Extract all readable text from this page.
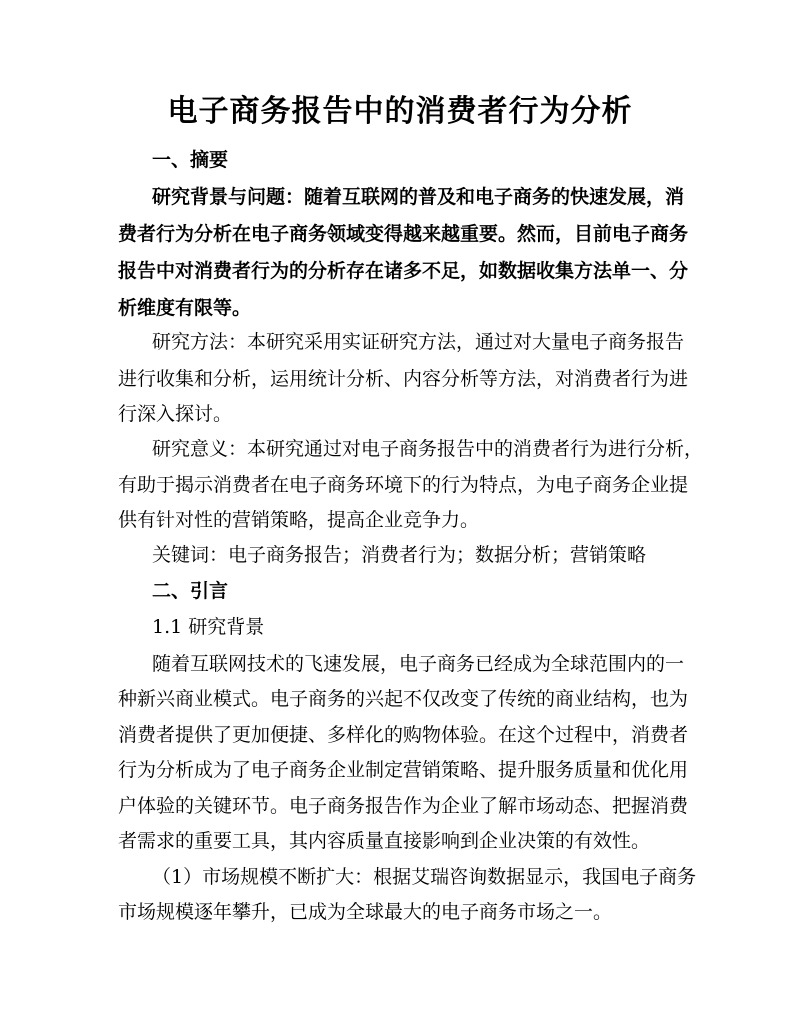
电子商务报告中的消费者行为分析
一、摘要
研究背景与问题：随着互联网的普及和电子商务的快速发展，消
费者行为分析在电子商务领域变得越来越重要。然而，目前电子商务
报告中对消费者行为的分析存在诸多不足，如数据收集方法单一、分
析维度有限等。
研究方法：本研究采用实证研究方法，通过对大量电子商务报告
进行收集和分析，运用统计分析、内容分析等方法，对消费者行为进
行深入探讨。
研究意义：本研究通过对电子商务报告中的消费者行为进行分析，
有助于揭示消费者在电子商务环境下的行为特点，为电子商务企业提
供有针对性的营销策略，提高企业竞争力。
关键词：电子商务报告；消费者行为；数据分析；营销策略
二、引言
1.1 研究背景
随着互联网技术的飞速发展，电子商务已经成为全球范围内的一
种新兴商业模式。电子商务的兴起不仅改变了传统的商业结构，也为
消费者提供了更加便捷、多样化的购物体验。在这个过程中，消费者
行为分析成为了电子商务企业制定营销策略、提升服务质量和优化用
户体验的关键环节。电子商务报告作为企业了解市场动态、把握消费
者需求的重要工具，其内容质量直接影响到企业决策的有效性。
（1）市场规模不断扩大：根据艾瑞咨询数据显示，我国电子商务
市场规模逐年攀升，已成为全球最大的电子商务市场之一。
